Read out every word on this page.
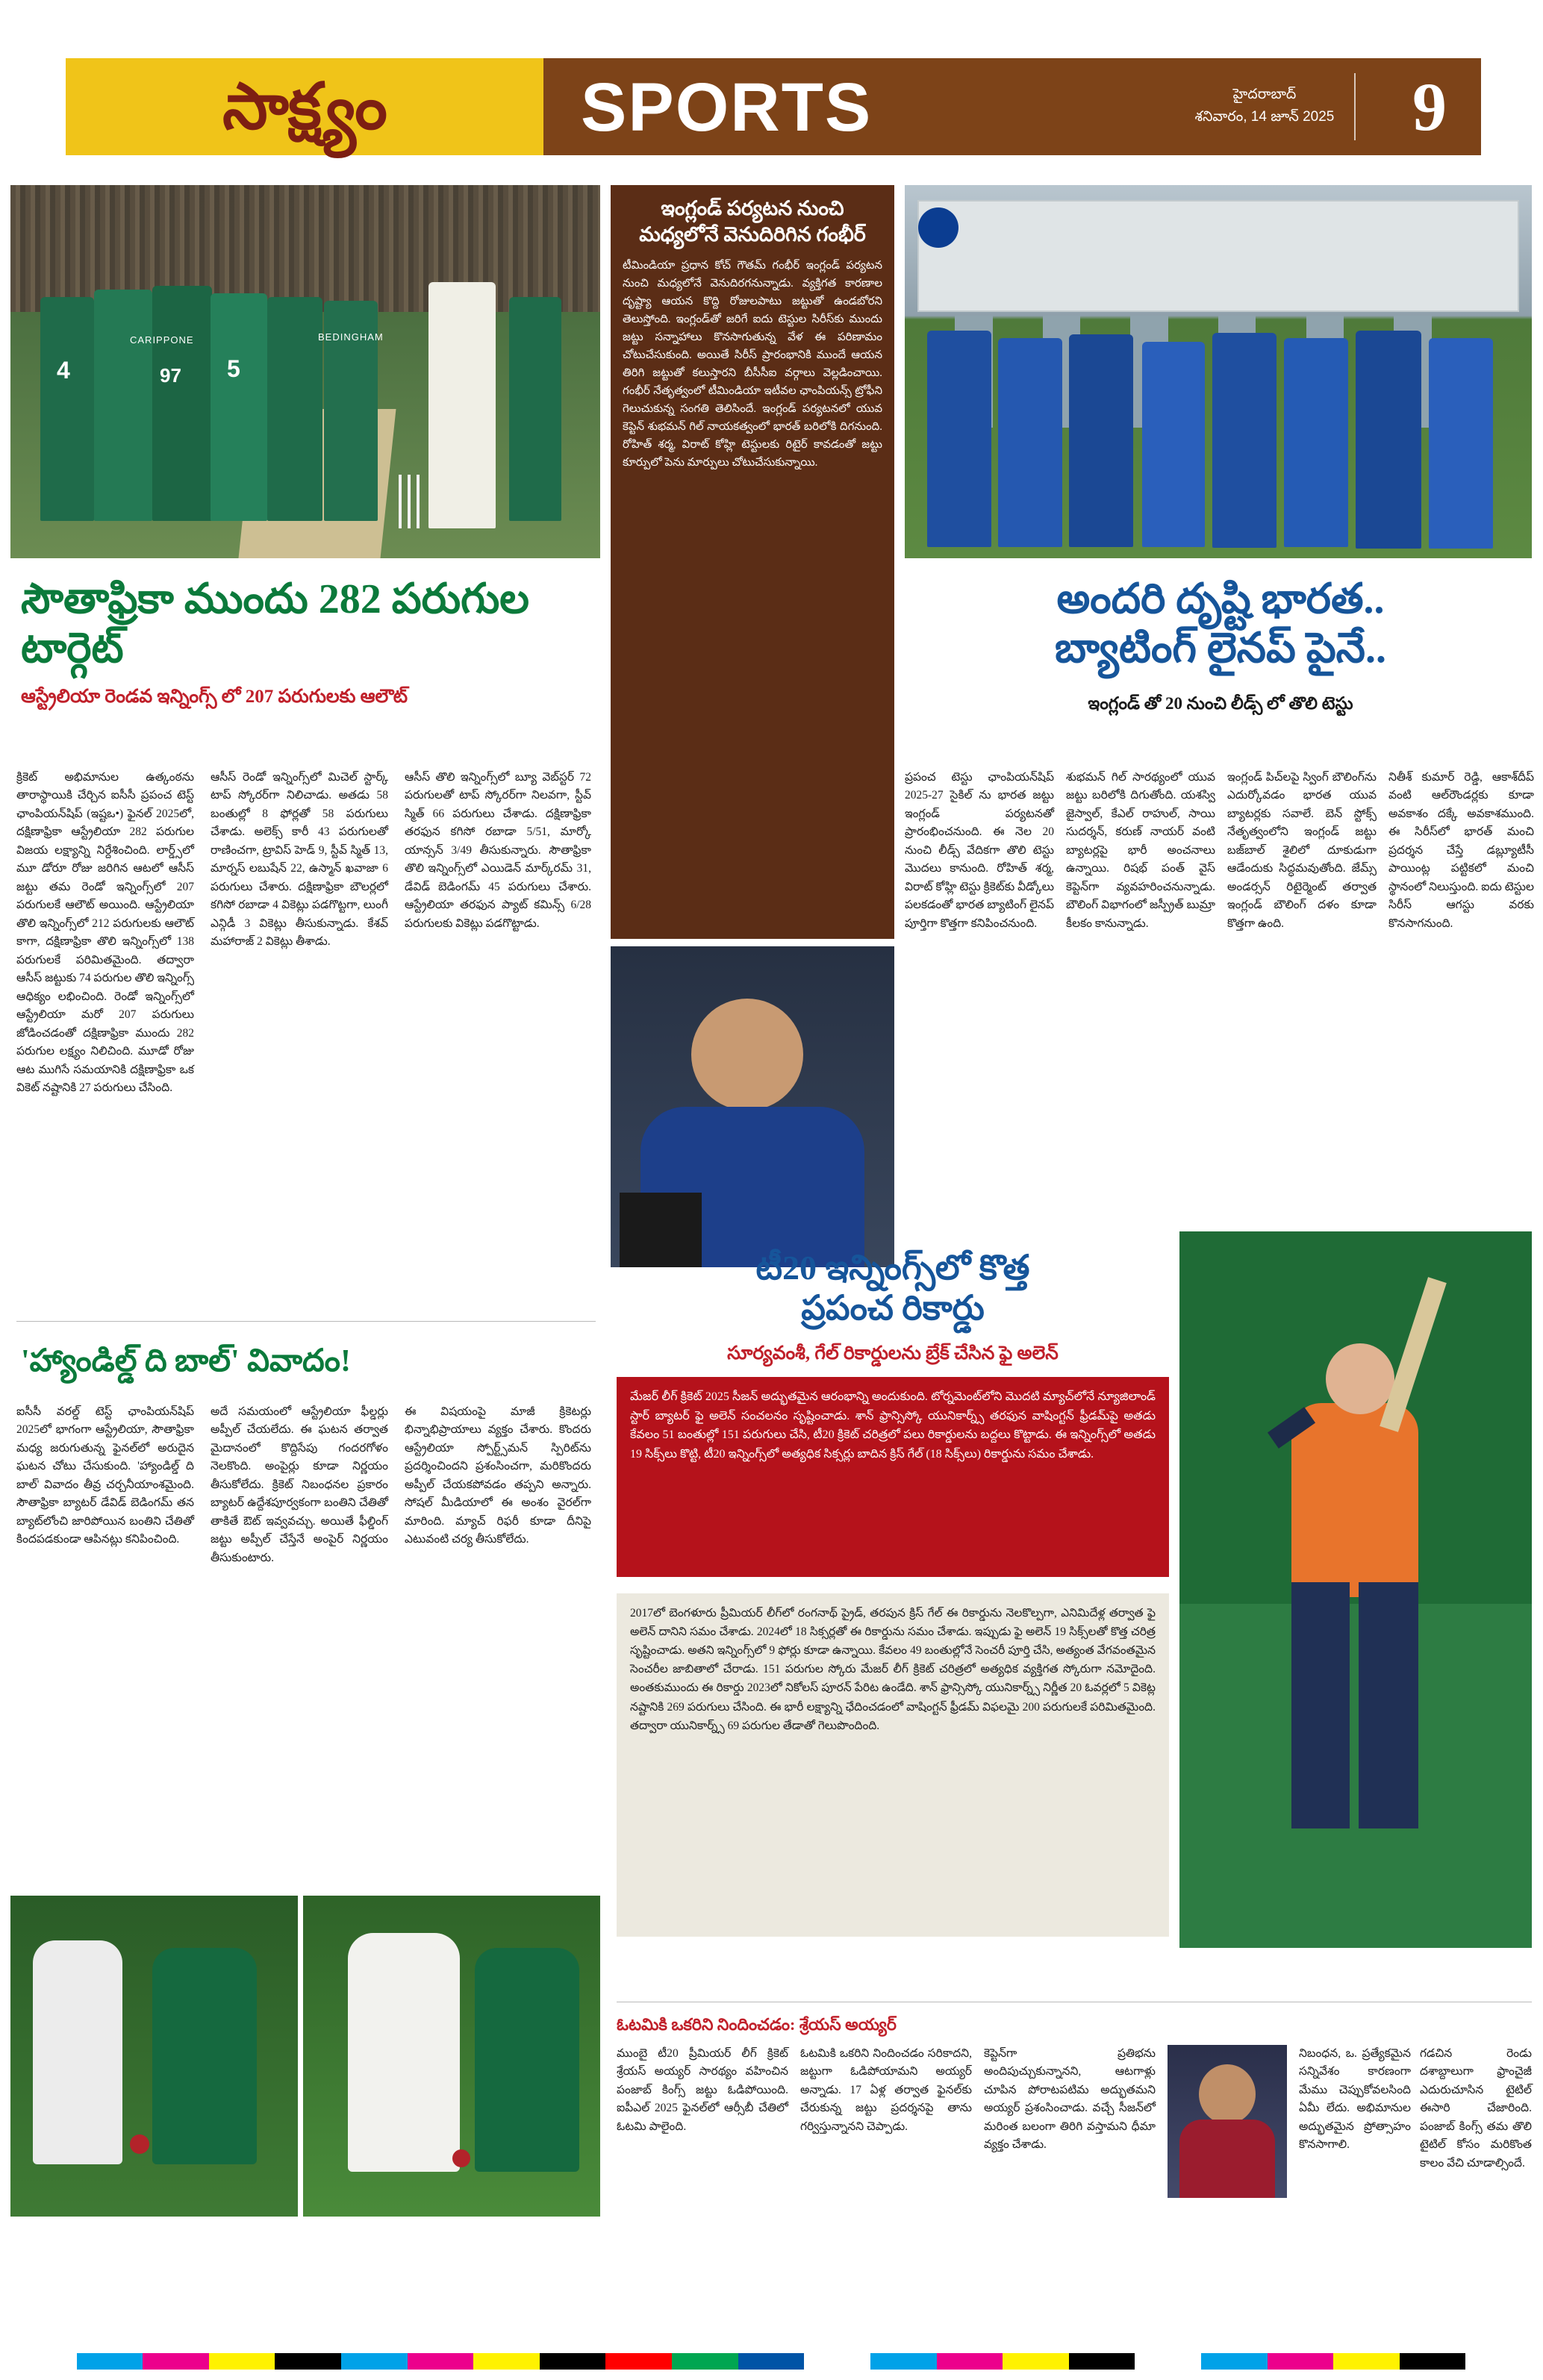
సాక్ష్యం	SPORTS	హైదరాబాద్
శనివారం, 14 జూన్ 2025 9
4	97 5
CARIPPONE	BEDINGHAM
ఇంగ్లండ్ పర్యటన నుంచి మధ్యలోనే వెనుదిరిగిన గంభీర్
టీమిండియా ప్రధాన కోచ్ గౌతమ్ గంభీర్ ఇంగ్లండ్ పర్యటన నుంచి మధ్యలోనే వెనుదిరగనున్నాడు. వ్యక్తిగత కారణాల దృష్ట్యా ఆయన కొద్ది రోజులపాటు జట్టుతో ఉండబోరని తెలుస్తోంది. ఇంగ్లండ్‌తో జరిగే ఐదు టెస్టుల సిరీస్‌కు ముందు జట్టు సన్నాహాలు కొనసాగుతున్న వేళ ఈ పరిణామం చోటుచేసుకుంది. అయితే సిరీస్ ప్రారంభానికి ముందే ఆయన తిరిగి జట్టుతో కలుస్తారని బీసీసీఐ వర్గాలు వెల్లడించాయి. గంభీర్ నేతృత్వంలో టీమిండియా ఇటీవల ఛాంపియన్స్ ట్రోఫీని గెలుచుకున్న సంగతి తెలిసిందే. ఇంగ్లండ్ పర్యటనలో యువ కెప్టెన్ శుభమన్ గిల్ నాయకత్వంలో భారత్ బరిలోకి దిగనుంది. రోహిత్ శర్మ, విరాట్ కోహ్లి టెస్టులకు రిటైర్ కావడంతో జట్టు కూర్పులో పెను మార్పులు చోటుచేసుకున్నాయి.
సౌతాఫ్రికా ముందు 282 పరుగుల టార్గెట్
ఆస్ట్రేలియా రెండవ ఇన్నింగ్స్ లో 207 పరుగులకు ఆలౌట్
అందరి దృష్టి భారత..
బ్యాటింగ్ లైనప్ పైనే..
ఇంగ్లండ్ తో 20 నుంచి లీడ్స్ లో తొలి టెస్టు
క్రికెట్ అభిమానుల ఉత్కంఠను తారాస్థాయికి చేర్చిన ఐసీసీ ప్రపంచ టెస్ట్ ఛాంపియన్‌షిప్ (ఇష్టఒ•) ఫైనల్ 2025లో, దక్షిణాఫ్రికా ఆస్ట్రేలియా 282 పరుగుల విజయ లక్ష్యాన్ని నిర్దేశించింది. లార్డ్స్‌లో మూ డోరూ రోజు జరిగిన ఆటలో ఆసీస్ జట్టు తమ రెండో ఇన్నింగ్స్‌లో 207 పరుగులకే ఆలౌట్ అయింది. ఆస్ట్రేలియా తొలి ఇన్నింగ్స్‌లో 212 పరుగులకు ఆలౌట్ కాగా, దక్షిణాఫ్రికా తొలి ఇన్నింగ్స్‌లో 138 పరుగులకే పరిమితమైంది. తద్వారా ఆసీస్ జట్టుకు 74 పరుగుల తొలి ఇన్నింగ్స్ ఆధిక్యం లభించింది. రెండో ఇన్నింగ్స్‌లో ఆస్ట్రేలియా మరో 207 పరుగులు జోడించడంతో దక్షిణాఫ్రికా ముందు 282 పరుగుల లక్ష్యం నిలిచింది. మూడో రోజు ఆట ముగిసే సమయానికి దక్షిణాఫ్రికా ఒక వికెట్ నష్టానికి 27 పరుగులు చేసింది.
ఆసీస్ రెండో ఇన్నింగ్స్‌లో మిచెల్ స్టార్క్ టాప్ స్కోరర్‌గా నిలిచాడు. అతడు 58 బంతుల్లో 8 ఫోర్లతో 58 పరుగులు చేశాడు. అలెక్స్ కారీ 43 పరుగులతో రాణించగా, ట్రావిస్ హెడ్ 9, స్టీవ్ స్మిత్ 13, మార్నస్ లబుషేన్ 22, ఉస్మాన్ ఖవాజా 6 పరుగులు చేశారు. దక్షిణాఫ్రికా బౌలర్లలో కగిసో రబాడా 4 వికెట్లు పడగొట్టగా, లుంగీ ఎన్గిడీ 3 వికెట్లు తీసుకున్నాడు. కేశవ్ మహారాజ్ 2 వికెట్లు తీశాడు.
ఆసీస్ తొలి ఇన్నింగ్స్‌లో బ్యూ వెబ్‌స్టర్ 72 పరుగులతో టాప్ స్కోరర్‌గా నిలవగా, స్టీవ్ స్మిత్ 66 పరుగులు చేశాడు. దక్షిణాఫ్రికా తరఫున కగిసో రబాడా 5/51, మార్కో యాన్సన్ 3/49 తీసుకున్నారు. సౌతాఫ్రికా తొలి ఇన్నింగ్స్‌లో ఎయిడెన్ మార్క్‌రమ్ 31, డేవిడ్ బెడింగమ్ 45 పరుగులు చేశారు. ఆస్ట్రేలియా తరఫున ప్యాట్ కమిన్స్ 6/28 పరుగులకు వికెట్లు పడగొట్టాడు.
ప్రపంచ టెస్టు ఛాంపియన్‌షిప్ 2025-27 సైకిల్ ను భారత జట్టు ఇంగ్లండ్ పర్యటనతో ప్రారంభించనుంది. ఈ నెల 20 నుంచి లీడ్స్ వేదికగా తొలి టెస్టు మొదలు కానుంది. రోహిత్ శర్మ, విరాట్ కోహ్లి టెస్టు క్రికెట్‌కు వీడ్కోలు పలకడంతో భారత బ్యాటింగ్ లైనప్ పూర్తిగా కొత్తగా కనిపించనుంది.
శుభమన్ గిల్ సారథ్యంలో యువ జట్టు బరిలోకి దిగుతోంది. యశస్వి జైస్వాల్, కేఎల్ రాహుల్, సాయి సుదర్శన్, కరుణ్ నాయర్ వంటి బ్యాటర్లపై భారీ అంచనాలు ఉన్నాయి. రిషభ్ పంత్ వైస్ కెప్టెన్‌గా వ్యవహరించనున్నాడు. బౌలింగ్ విభాగంలో జస్ప్రీత్ బుమ్రా కీలకం కానున్నాడు.
ఇంగ్లండ్ పిచ్‌లపై స్వింగ్ బౌలింగ్‌ను ఎదుర్కోవడం భారత యువ బ్యాటర్లకు సవాలే. బెన్ స్టోక్స్ నేతృత్వంలోని ఇంగ్లండ్ జట్టు బజ్‌బాల్ శైలిలో దూకుడుగా ఆడేందుకు సిద్ధమవుతోంది. జేమ్స్ అండర్సన్ రిటైర్మెంట్ తర్వాత ఇంగ్లండ్ బౌలింగ్ దళం కూడా కొత్తగా ఉంది.
నితీశ్ కుమార్ రెడ్డి, ఆకాశ్‌దీప్ వంటి ఆల్‌రౌండర్లకు కూడా అవకాశం దక్కే అవకాశముంది. ఈ సిరీస్‌లో భారత్ మంచి ప్రదర్శన చేస్తే డబ్ల్యూటీసీ పాయింట్ల పట్టికలో మంచి స్థానంలో నిలుస్తుంది. ఐదు టెస్టుల సిరీస్ ఆగస్టు వరకు కొనసాగనుంది.
'హ్యాండిల్డ్ ది బాల్' వివాదం!
ఐసీసీ వరల్డ్ టెస్ట్ ఛాంపియన్‌షిప్ 2025లో భాగంగా ఆస్ట్రేలియా, సౌతాఫ్రికా మధ్య జరుగుతున్న ఫైనల్‌లో అరుదైన ఘటన చోటు చేసుకుంది. 'హ్యాండిల్డ్ ది బాల్' వివాదం తీవ్ర చర్చనీయాంశమైంది. సౌతాఫ్రికా బ్యాటర్ డేవిడ్ బెడింగమ్ తన బ్యాట్‌లోంచి జారిపోయిన బంతిని చేతితో కిందపడకుండా ఆపినట్లు కనిపించింది.
అదే సమయంలో ఆస్ట్రేలియా ఫీల్డర్లు అప్పీల్ చేయలేదు. ఈ ఘటన తర్వాత మైదానంలో కొద్దిసేపు గందరగోళం నెలకొంది. అంపైర్లు కూడా నిర్ణయం తీసుకోలేదు. క్రికెట్ నిబంధనల ప్రకారం బ్యాటర్ ఉద్దేశపూర్వకంగా బంతిని చేతితో తాకితే ఔట్ ఇవ్వవచ్చు. అయితే ఫీల్డింగ్ జట్టు అప్పీల్ చేస్తేనే అంపైర్ నిర్ణయం తీసుకుంటారు.
ఈ విషయంపై మాజీ క్రికెటర్లు భిన్నాభిప్రాయాలు వ్యక్తం చేశారు. కొందరు ఆస్ట్రేలియా స్పోర్ట్స్‌మన్ స్పిరిట్‌ను ప్రదర్శించిందని ప్రశంసించగా, మరికొందరు అప్పీల్ చేయకపోవడం తప్పని అన్నారు. సోషల్ మీడియాలో ఈ అంశం వైరల్‌గా మారింది. మ్యాచ్ రిఫరీ కూడా దీనిపై ఎటువంటి చర్య తీసుకోలేదు.
టీ20 ఇన్నింగ్స్‌లో కొత్త
ప్రపంచ రికార్డు
సూర్యవంశీ, గేల్ రికార్డులను బ్రేక్ చేసిన ఫై అలెన్
మేజర్ లీగ్ క్రికెట్ 2025 సీజన్ అద్భుతమైన ఆరంభాన్ని అందుకుంది. టోర్నమెంట్‌లోని మొదటి మ్యాచ్‌లోనే న్యూజిలాండ్ స్టార్ బ్యాటర్ ఫై అలెన్ సంచలనం సృష్టించాడు. శాన్ ఫ్రాన్సిస్కో యునికార్న్స్ తరఫున వాషింగ్టన్ ఫ్రీడమ్‌పై అతడు కేవలం 51 బంతుల్లో 151 పరుగులు చేసి, టీ20 క్రికెట్ చరిత్రలో పలు రికార్డులను బద్దలు కొట్టాడు. ఈ ఇన్నింగ్స్‌లో అతడు 19 సిక్స్‌లు కొట్టి, టీ20 ఇన్నింగ్స్‌లో అత్యధిక సిక్సర్లు బాదిన క్రిస్ గేల్ (18 సిక్స్‌లు) రికార్డును సమం చేశాడు.
2017లో బెంగళూరు ప్రీమియర్ లీగ్‌లో రంగనాథ్ ప్రైడ్, తరపున క్రిస్ గేల్ ఈ రికార్డును నెలకొల్పగా, ఎనిమిదేళ్ల తర్వాత ఫై అలెన్ దానిని సమం చేశాడు. 2024లో 18 సిక్సర్లతో ఈ రికార్డును సమం చేశాడు. ఇప్పుడు ఫై అలెన్ 19 సిక్స్‌లతో కొత్త చరిత్ర సృష్టించాడు. అతని ఇన్నింగ్స్‌లో 9 ఫోర్లు కూడా ఉన్నాయి. కేవలం 49 బంతుల్లోనే సెంచరీ పూర్తి చేసి, అత్యంత వేగవంతమైన సెంచరీల జాబితాలో చేరాడు. 151 పరుగుల స్కోరు మేజర్ లీగ్ క్రికెట్ చరిత్రలో అత్యధిక వ్యక్తిగత స్కోరుగా నమోదైంది. అంతకుముందు ఈ రికార్డు 2023లో నికోలస్ పూరన్ పేరిట ఉండేది. శాన్ ఫ్రాన్సిస్కో యునికార్న్స్ నిర్ణీత 20 ఓవర్లలో 5 వికెట్ల నష్టానికి 269 పరుగులు చేసింది. ఈ భారీ లక్ష్యాన్ని ఛేదించడంలో వాషింగ్టన్ ఫ్రీడమ్ విఫలమై 200 పరుగులకే పరిమితమైంది. తద్వారా యునికార్న్స్ 69 పరుగుల తేడాతో గెలుపొందింది.
ఓటమికి ఒకరిని నిందించడం: శ్రేయస్ అయ్యర్
ముంబై టీ20 ప్రీమియర్ లీగ్ క్రికెట్ శ్రేయస్ అయ్యర్ సారథ్యం వహించిన పంజాబ్ కింగ్స్ జట్టు ఓడిపోయింది. ఐపీఎల్ 2025 ఫైనల్‌లో ఆర్సీబీ చేతిలో ఓటమి పాలైంది.
ఓటమికి ఒకరిని నిందించడం సరికాదని, జట్టుగా ఓడిపోయామని అయ్యర్ అన్నాడు. 17 ఏళ్ల తర్వాత ఫైనల్‌కు చేరుకున్న జట్టు ప్రదర్శనపై తాను గర్విస్తున్నానని చెప్పాడు.
కెప్టెన్‌గా ప్రతిభను అందిపుచ్చుకున్నానని, ఆటగాళ్లు చూపిన పోరాటపటిమ అద్భుతమని అయ్యర్ ప్రశంసించాడు. వచ్చే సీజన్‌లో మరింత బలంగా తిరిగి వస్తామని ధీమా వ్యక్తం చేశాడు.
నిబంధన, ఒ. ప్రత్యేకమైన సన్నివేశం కారణంగా మేము చెప్పుకోవలసింది ఏమీ లేదు. అభిమానుల అద్భుతమైన ప్రోత్సాహం కొనసాగాలి.
గడచిన రెండు దశాబ్దాలుగా ఫ్రాంచైజీ ఎదురుచూసిన టైటిల్ ఈసారి చేజారింది. పంజాబ్ కింగ్స్ తమ తొలి టైటిల్ కోసం మరికొంత కాలం వేచి చూడాల్సిందే.
